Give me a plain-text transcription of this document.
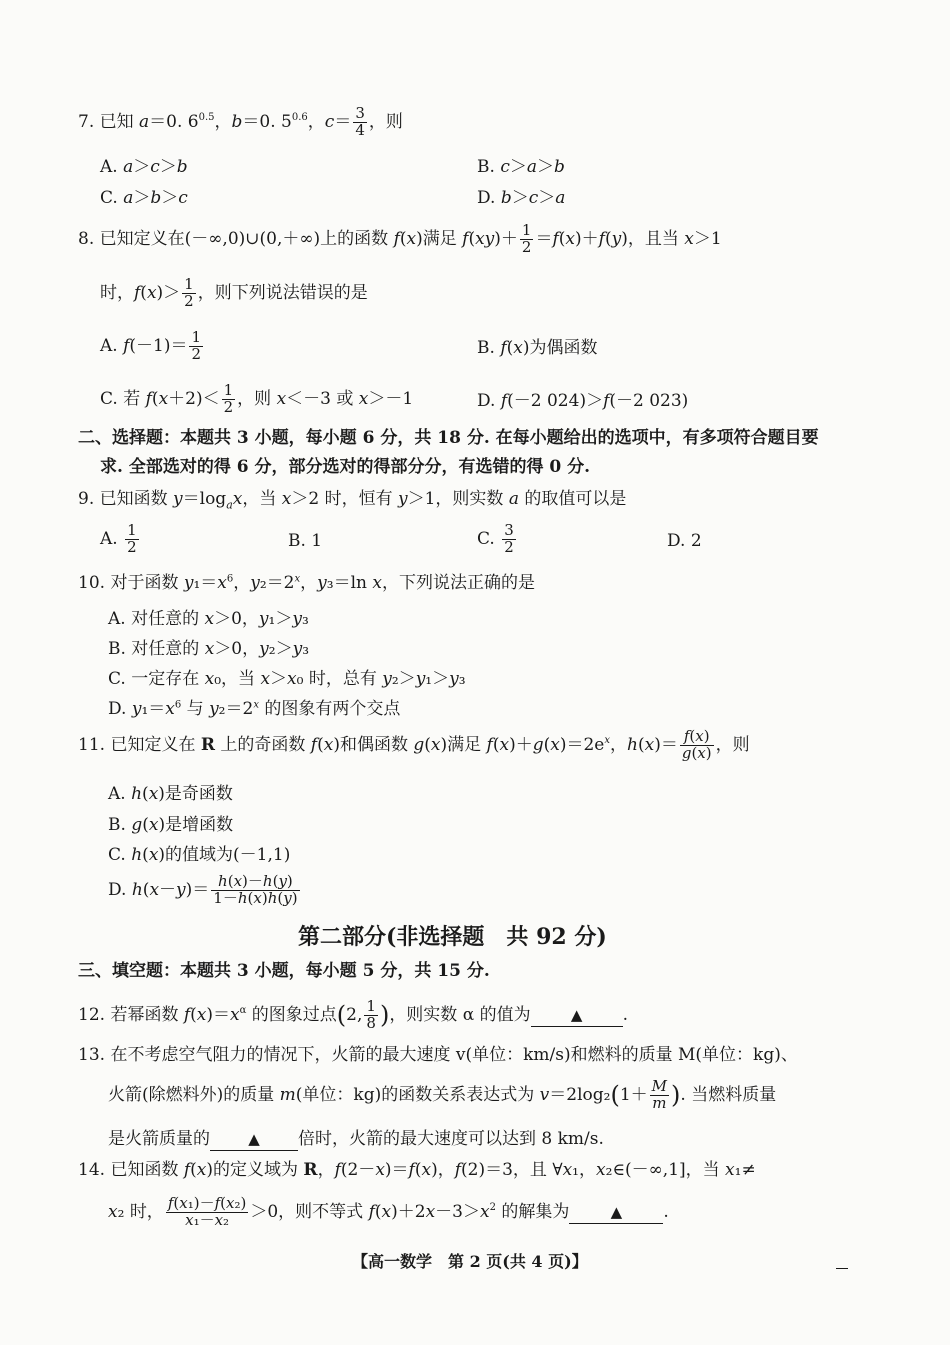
7. 已知 a＝0. $6^{0.5}$，b＝0. $5^{0.6}$，$c= \frac{3}{4}$ ，则
A. a＞c＞b	B. c＞a＞b
C. a＞b＞c	D. b＞c＞a
8. 已知定义在(－∞,0)∪(0,＋∞)上的函数 f(x)满足 $f(xy)+ \frac{1}{2} =f(x)+f(y)$，且当 x＞1
时，$f(x)> \frac{1}{2}$ ，则下列说法错误的是
A. $f(-1)= \frac{1}{2}$	B. f(x)为偶函数
C. 若 $f(x+2)< \frac{1}{2}$ ，则 x＜－3 或 x＞－1	D. f(－2 024)＞f(－2 023)
二、选择题：本题共 3 小题，每小题 6 分，共 18 分. 在每小题给出的选项中，有多项符合题目要
求. 全部选对的得 6 分，部分选对的得部分分，有选错的得 0 分.
9. 已知函数 $y=\log_ax$，当 x＞2 时，恒有 y＞1，则实数 a 的取值可以是
A. $\frac{1}{2}$	B. 1	C. $\frac{3}{2}$	D. 2
10. 对于函数 $y_1=x^6$，$y_2=2^x$，y₃＝ln x，下列说法正确的是
A. 对任意的 x＞0，y₁＞y₃
B. 对任意的 x＞0，y₂＞y₃
C. 一定存在 x₀，当 x＞x₀ 时，总有 y₂＞y₁＞y₃
D. $y_1=x^6$ 与 $y_2=2^x$ 的图象有两个交点
11. 已知定义在 R 上的奇函数 f(x)和偶函数 g(x)满足 $f(x)+g(x)=2e^x$，$h(x)= \frac{f(x)}{g(x)}$ ，则
A. h(x)是奇函数
B. g(x)是增函数
C. h(x)的值域为(－1,1)
D. $h(x-y)= \frac{h(x)-h(y)}{1-h(x)h(y)}$
第二部分(非选择题　共 92 分)
三、填空题：本题共 3 小题，每小题 5 分，共 15 分.
12. 若幂函数 $f(x)=x^\alpha$ 的图象过点(2, $\frac{1}{8}$ )，则实数 α 的值为	▲ .
13. 在不考虑空气阻力的情况下，火箭的最大速度 v(单位：km/s)和燃料的质量 M(单位：kg)、
火箭(除燃料外)的质量 m(单位：kg)的函数关系表达式为 $v=2\log_2(1+ \frac{M}{m}$ ). 当燃料质量
是火箭质量的	▲ 倍时，火箭的最大速度可以达到 8 km/s.
14. 已知函数 f(x)的定义域为 R，f(2－x)＝f(x)，f(2)＝3，且 ∀x₁，x₂∈(－∞,1]，当 x₁≠
x₂ 时， $\frac{\text{f(x₁)－f(x₂)}}{\text{x₁－x₂}} >0$，则不等式 $f(x)+2x-3>x^2$ 的解集为	▲ .
【高一数学　第 2 页(共 4 页)】
